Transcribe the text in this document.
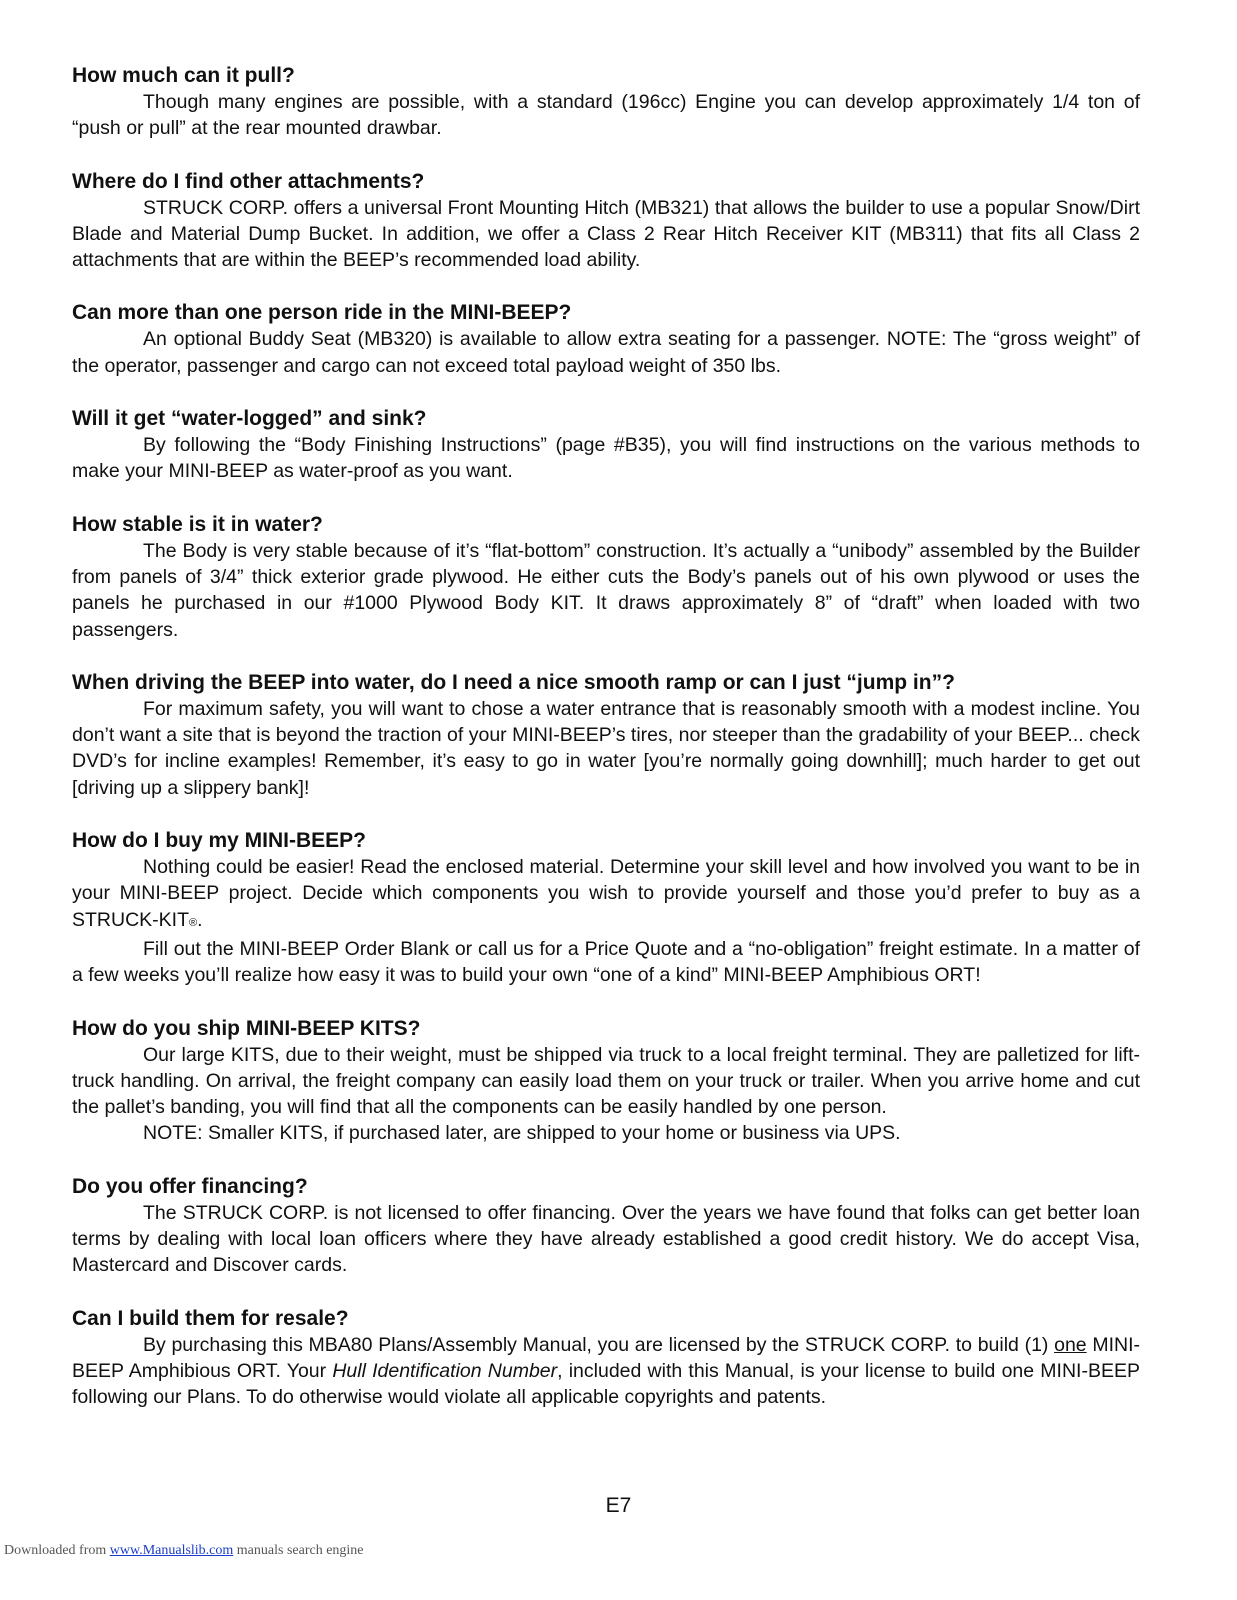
How much can it pull?

Though many engines are possible, with a standard (196cc) Engine you can develop approximately 1/4 ton of “push or pull” at the rear mounted drawbar.

Where do I find other attachments?

STRUCK CORP. offers a universal Front Mounting Hitch (MB321) that allows the builder to use a popular Snow/Dirt Blade and Material Dump Bucket. In addition, we offer a Class 2 Rear Hitch Receiver KIT (MB311) that fits all Class 2 attachments that are within the BEEP’s recommended load ability.

Can more than one person ride in the MINI-BEEP?

An optional Buddy Seat (MB320) is available to allow extra seating for a passenger. NOTE: The “gross weight” of the operator, passenger and cargo can not exceed total payload weight of 350 lbs.

Will it get “water-logged” and sink?

By following the “Body Finishing Instructions” (page #B35), you will find instructions on the various methods to make your MINI-BEEP as water-proof as you want.

How stable is it in water?

The Body is very stable because of it’s “flat-bottom” construction. It’s actually a “unibody” assembled by the Builder from panels of 3/4” thick exterior grade plywood. He either cuts the Body’s panels out of his own plywood or uses the panels he purchased in our #1000 Plywood Body KIT. It draws approximately 8” of “draft” when loaded with two passengers.

When driving the BEEP into water, do I need a nice smooth ramp or can I just “jump in”?

For maximum safety, you will want to chose a water entrance that is reasonably smooth with a modest incline. You don’t want a site that is beyond the traction of your MINI-BEEP’s tires, nor steeper than the gradability of your BEEP... check DVD’s for incline examples! Remember, it’s easy to go in water [you’re normally going downhill]; much harder to get out [driving up a slippery bank]!

How do I buy my MINI-BEEP?

Nothing could be easier! Read the enclosed material. Determine your skill level and how involved you want to be in your MINI-BEEP project. Decide which components you wish to provide yourself and those you’d prefer to buy as a STRUCK-KIT®.

Fill out the MINI-BEEP Order Blank or call us for a Price Quote and a “no-obligation” freight estimate. In a matter of a few weeks you’ll realize how easy it was to build your own “one of a kind” MINI-BEEP Amphibious ORT!

How do you ship MINI-BEEP KITS?

Our large KITS, due to their weight, must be shipped via truck to a local freight terminal. They are palletized for lift-truck handling. On arrival, the freight company can easily load them on your truck or trailer. When you arrive home and cut the pallet’s banding, you will find that all the components can be easily handled by one person.

NOTE: Smaller KITS, if purchased later, are shipped to your home or business via UPS.

Do you offer financing?

The STRUCK CORP. is not licensed to offer financing. Over the years we have found that folks can get better loan terms by dealing with local loan officers where they have already established a good credit history. We do accept Visa, Mastercard and Discover cards.

Can I build them for resale?

By purchasing this MBA80 Plans/Assembly Manual, you are licensed by the STRUCK CORP. to build (1) one MINI-BEEP Amphibious ORT. Your Hull Identification Number, included with this Manual, is your license to build one MINI-BEEP following our Plans. To do otherwise would violate all applicable copyrights and patents.

E7
Downloaded from www.Manualslib.com manuals search engine
